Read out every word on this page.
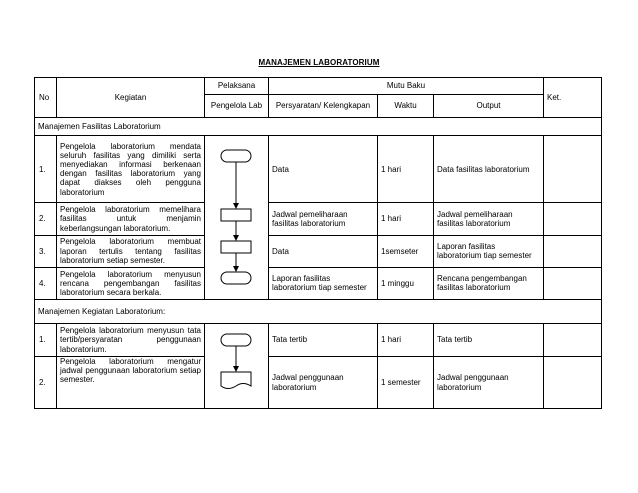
MANAJEMEN LABORATORIUM
No	Kegiatan	Pelaksana	Mutu Baku			Ket.
		Pengelola Lab	Persyaratan/ Kelengkapan	Waktu	Output	
Manajemen Fasilitas Laboratorium						
1.	Pengelola laboratorium mendata seluruh fasilitas yang dimiliki serta menyediakan informasi berkenaan dengan fasilitas laboratorium yang dapat diakses oleh pengguna laboratorium		Data	1 hari	Data fasilitas laboratorium	
2.	Pengelola laboratorium memelihara fasilitas untuk menjamin keberlangsungan laboratorium.		Jadwal pemeliharaan fasilitas laboratorium	1 hari	Jadwal pemeliharaan fasilitas laboratorium	
3.	Pengelola laboratorium membuat laporan tertulis tentang fasilitas laboratorium setiap semester.		Data	1semseter	Laporan fasilitas laboratorium tiap semester	
4.	Pengelola laboratorium menyusun rencana pengembangan fasilitas laboratorium secara berkala.		Laporan fasilitas laboratorium tiap semester	1 minggu	Rencana pengembangan fasilitas laboratorium	
Manajemen Kegiatan Laboratorium:						
1.	Pengelola laboratorium menyusun tata tertib/persyaratan penggunaan laboratorium.		Tata tertib	1 hari	Tata tertib	
2.	Pengelola laboratorium mengatur jadwal penggunaan laboratorium setiap semester.		Jadwal penggunaan laboratorium	1 semester	Jadwal penggunaan laboratorium	
